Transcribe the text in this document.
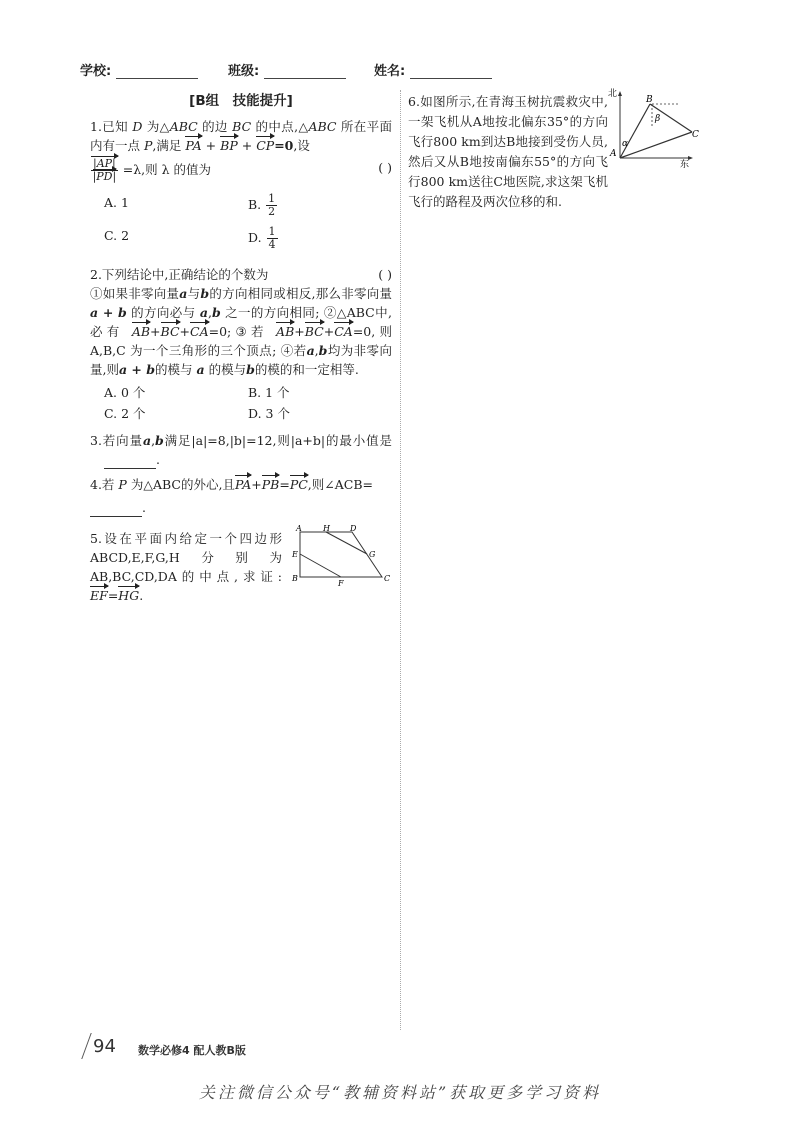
学校:	班级:	姓名:
[B组　技能提升]
1.已知 D 为△ABC 的边 BC 的中点,△ABC 所在平面内有一点 P,满足 PA + BP + CP=0,设
$\frac{|AP|}{|PD|} =\lambda$,则 λ 的值为	( )
A. 1	B. $\frac{1}{2}$
C. 2	D. $\frac{1}{4}$
2.下列结论中,正确结论的个数为	( )
①如果非零向量a与b的方向相同或相反,那么非零向量 a + b 的方向必与 a,b 之一的方向相同; ②△ABC中,必有 AB+BC+CA=0;③若 AB+BC+CA=0,则 A,B,C 为一个三角形的三个顶点; ④若a,b均为非零向量,则a + b的模与 a 的模与b的模的和一定相等.
A. 0 个	B. 1 个
C. 2 个	D. 3 个
3.若向量a,b满足|a|=8,|b|=12,则|a+b|的最小值是.
4.若 P 为△ABC的外心,且PA+PB=PC,则∠ACB=
.
5.设在平面内给定一个四边形ABCD,E,F,G,H分别为AB,BC,CD,DA的中点,求证: EF=HG.
A	H	D
E	G
B
F
C
6.如图所示,在青海玉树抗震救灾中,一架飞机从A地按北偏东35°的方向飞行800 km到达B地接到受伤人员,然后又从B地按南偏东55°的方向飞行800 km送往C地医院,求这架飞机飞行的路程及两次位移的和.
北
B
β
C
α
A
东
94 数学必修4 配人教B版
关注微信公众号“教辅资料站”获取更多学习资料
